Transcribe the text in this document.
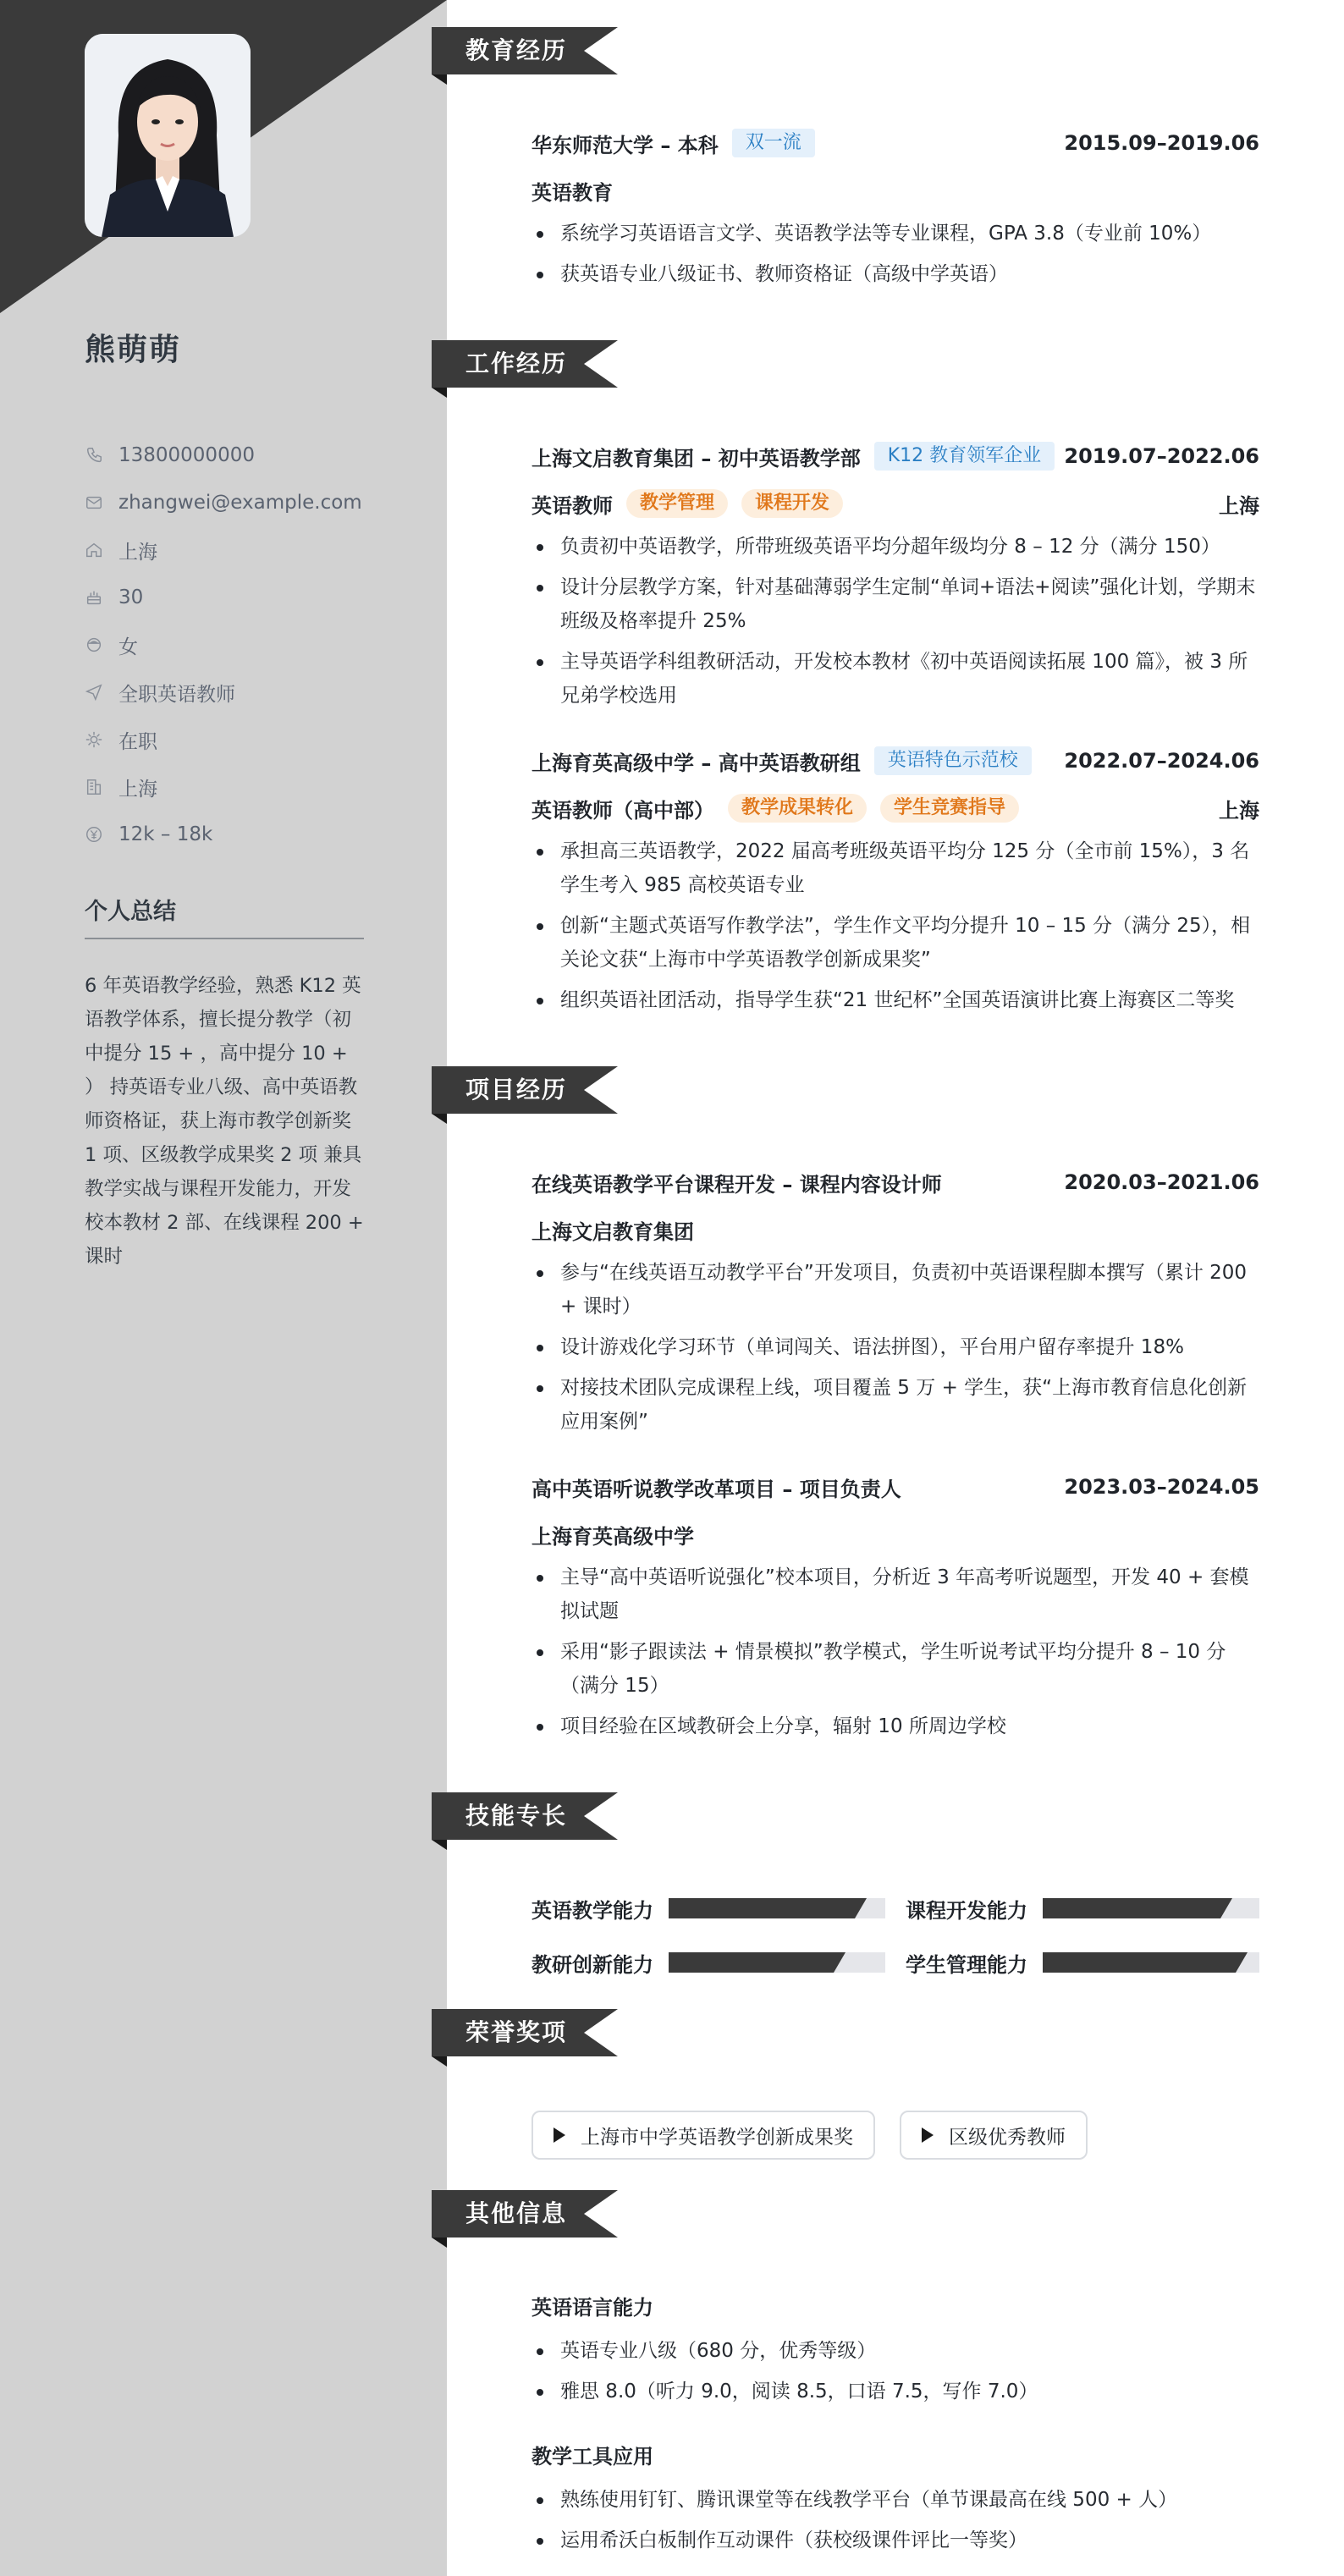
熊萌萌
13800000000
zhangwei@example.com
上海
30
女
全职英语教师
在职
上海
12k – 18k
个人总结
6 年英语教学经验，熟悉 K12 英语教学体系，擅长提分教学（初中提分 15 + ，高中提分 10 + ） 持英语专业八级、高中英语教师资格证，获上海市教学创新奖 1 项、区级教学成果奖 2 项 兼具教学实战与课程开发能力，开发校本教材 2 部、在线课程 200 + 课时
教育经历
华东师范大学 – 本科	双一流	2015.09–2019.06
英语教育
系统学习英语语言文学、英语教学法等专业课程，GPA 3.8（专业前 10%）
获英语专业八级证书、教师资格证（高级中学英语）
工作经历
上海文启教育集团 – 初中英语教学部	K12 教育领军企业	2019.07–2022.06
英语教师	教学管理	课程开发	上海
负责初中英语教学，所带班级英语平均分超年级均分 8 – 12 分（满分 150）
设计分层教学方案，针对基础薄弱学生定制“单词+语法+阅读”强化计划，学期末班级及格率提升 25%
主导英语学科组教研活动，开发校本教材《初中英语阅读拓展 100 篇》，被 3 所兄弟学校选用
上海育英高级中学 – 高中英语教研组	英语特色示范校	2022.07–2024.06
英语教师（高中部）	教学成果转化	学生竞赛指导	上海
承担高三英语教学，2022 届高考班级英语平均分 125 分（全市前 15%），3 名学生考入 985 高校英语专业
创新“主题式英语写作教学法”，学生作文平均分提升 10 – 15 分（满分 25），相关论文获“上海市中学英语教学创新成果奖”
组织英语社团活动，指导学生获“21 世纪杯”全国英语演讲比赛上海赛区二等奖
项目经历
在线英语教学平台课程开发 – 课程内容设计师	2020.03–2021.06
上海文启教育集团
参与“在线英语互动教学平台”开发项目，负责初中英语课程脚本撰写（累计 200 + 课时）
设计游戏化学习环节（单词闯关、语法拼图），平台用户留存率提升 18%
对接技术团队完成课程上线，项目覆盖 5 万 + 学生，获“上海市教育信息化创新应用案例”
高中英语听说教学改革项目 – 项目负责人	2023.03–2024.05
上海育英高级中学
主导“高中英语听说强化”校本项目，分析近 3 年高考听说题型，开发 40 + 套模拟试题
采用“影子跟读法 + 情景模拟”教学模式，学生听说考试平均分提升 8 – 10 分（满分 15）
项目经验在区域教研会上分享，辐射 10 所周边学校
技能专长
英语教学能力	课程开发能力
教研创新能力	学生管理能力
荣誉奖项
上海市中学英语教学创新成果奖	区级优秀教师
其他信息
英语语言能力
英语专业八级（680 分，优秀等级）
雅思 8.0（听力 9.0，阅读 8.5，口语 7.5，写作 7.0）
教学工具应用
熟练使用钉钉、腾讯课堂等在线教学平台（单节课最高在线 500 + 人）
运用希沃白板制作互动课件（获校级课件评比一等奖）
